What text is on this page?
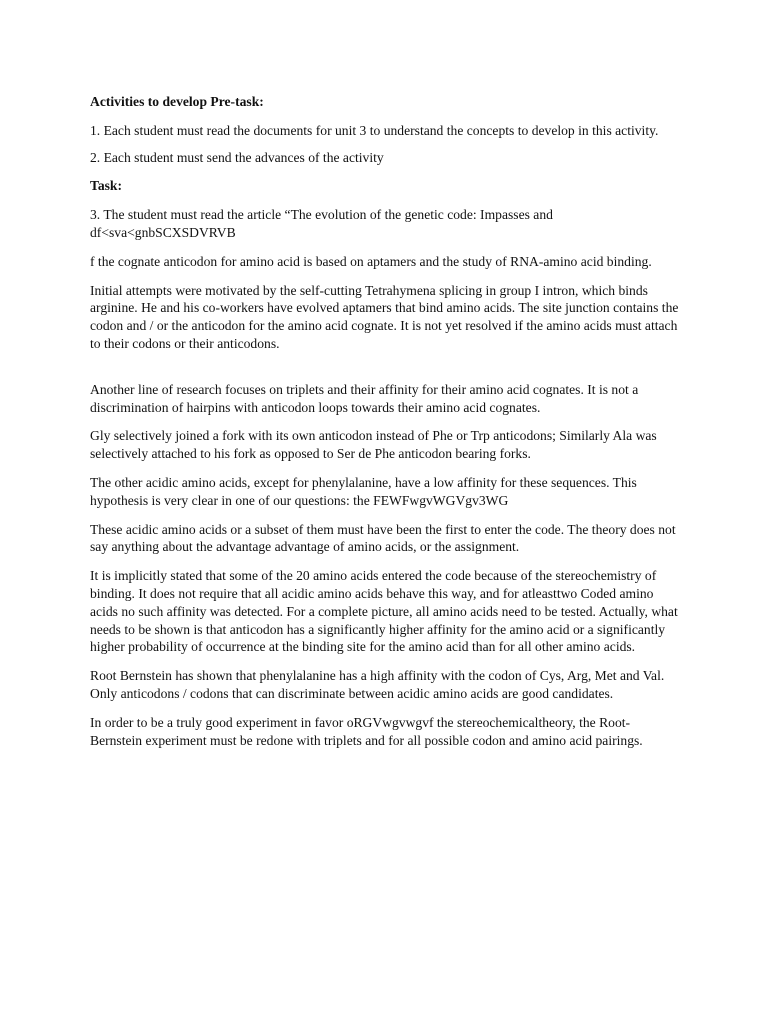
Activities to develop Pre-task:

1. Each student must read the documents for unit 3 to understand the concepts to develop in this activity.

2. Each student must send the advances of the activity

Task:

3. The student must read the article “The evolution of the genetic code: Impasses and
df<sva<gnbSCXSDVRVB

f the cognate anticodon for amino acid is based on aptamers and the study of RNA-amino acid binding.

Initial attempts were motivated by the self-cutting Tetrahymena splicing in group I intron, which binds arginine. He and his co-workers have evolved aptamers that bind amino acids. The site junction contains the codon and / or the anticodon for the amino acid cognate. It is not yet resolved if the amino acids must attach to their codons or their anticodons.

Another line of research focuses on triplets and their affinity for their amino acid cognates. It is not a discrimination of hairpins with anticodon loops towards their amino acid cognates.

Gly selectively joined a fork with its own anticodon instead of Phe or Trp anticodons; Similarly Ala was selectively attached to his fork as opposed to Ser de Phe anticodon bearing forks.

The other acidic amino acids, except for phenylalanine, have a low affinity for these sequences. This hypothesis is very clear in one of our questions: the FEWFwgvWGVgv3WG

These acidic amino acids or a subset of them must have been the first to enter the code. The theory does not say anything about the advantage advantage of amino acids, or the assignment.

It is implicitly stated that some of the 20 amino acids entered the code because of the stereochemistry of binding. It does not require that all acidic amino acids behave this way, and for atleasttwo Coded amino acids no such affinity was detected. For a complete picture, all amino acids need to be tested. Actually, what needs to be shown is that anticodon has a significantly higher affinity for the amino acid or a significantly higher probability of occurrence at the binding site for the amino acid than for all other amino acids.

Root Bernstein has shown that phenylalanine has a high affinity with the codon of Cys, Arg, Met and Val. Only anticodons / codons that can discriminate between acidic amino acids are good candidates.

In order to be a truly good experiment in favor oRGVwgvwgvf the stereochemicaltheory, the Root-Bernstein experiment must be redone with triplets and for all possible codon and amino acid pairings.
